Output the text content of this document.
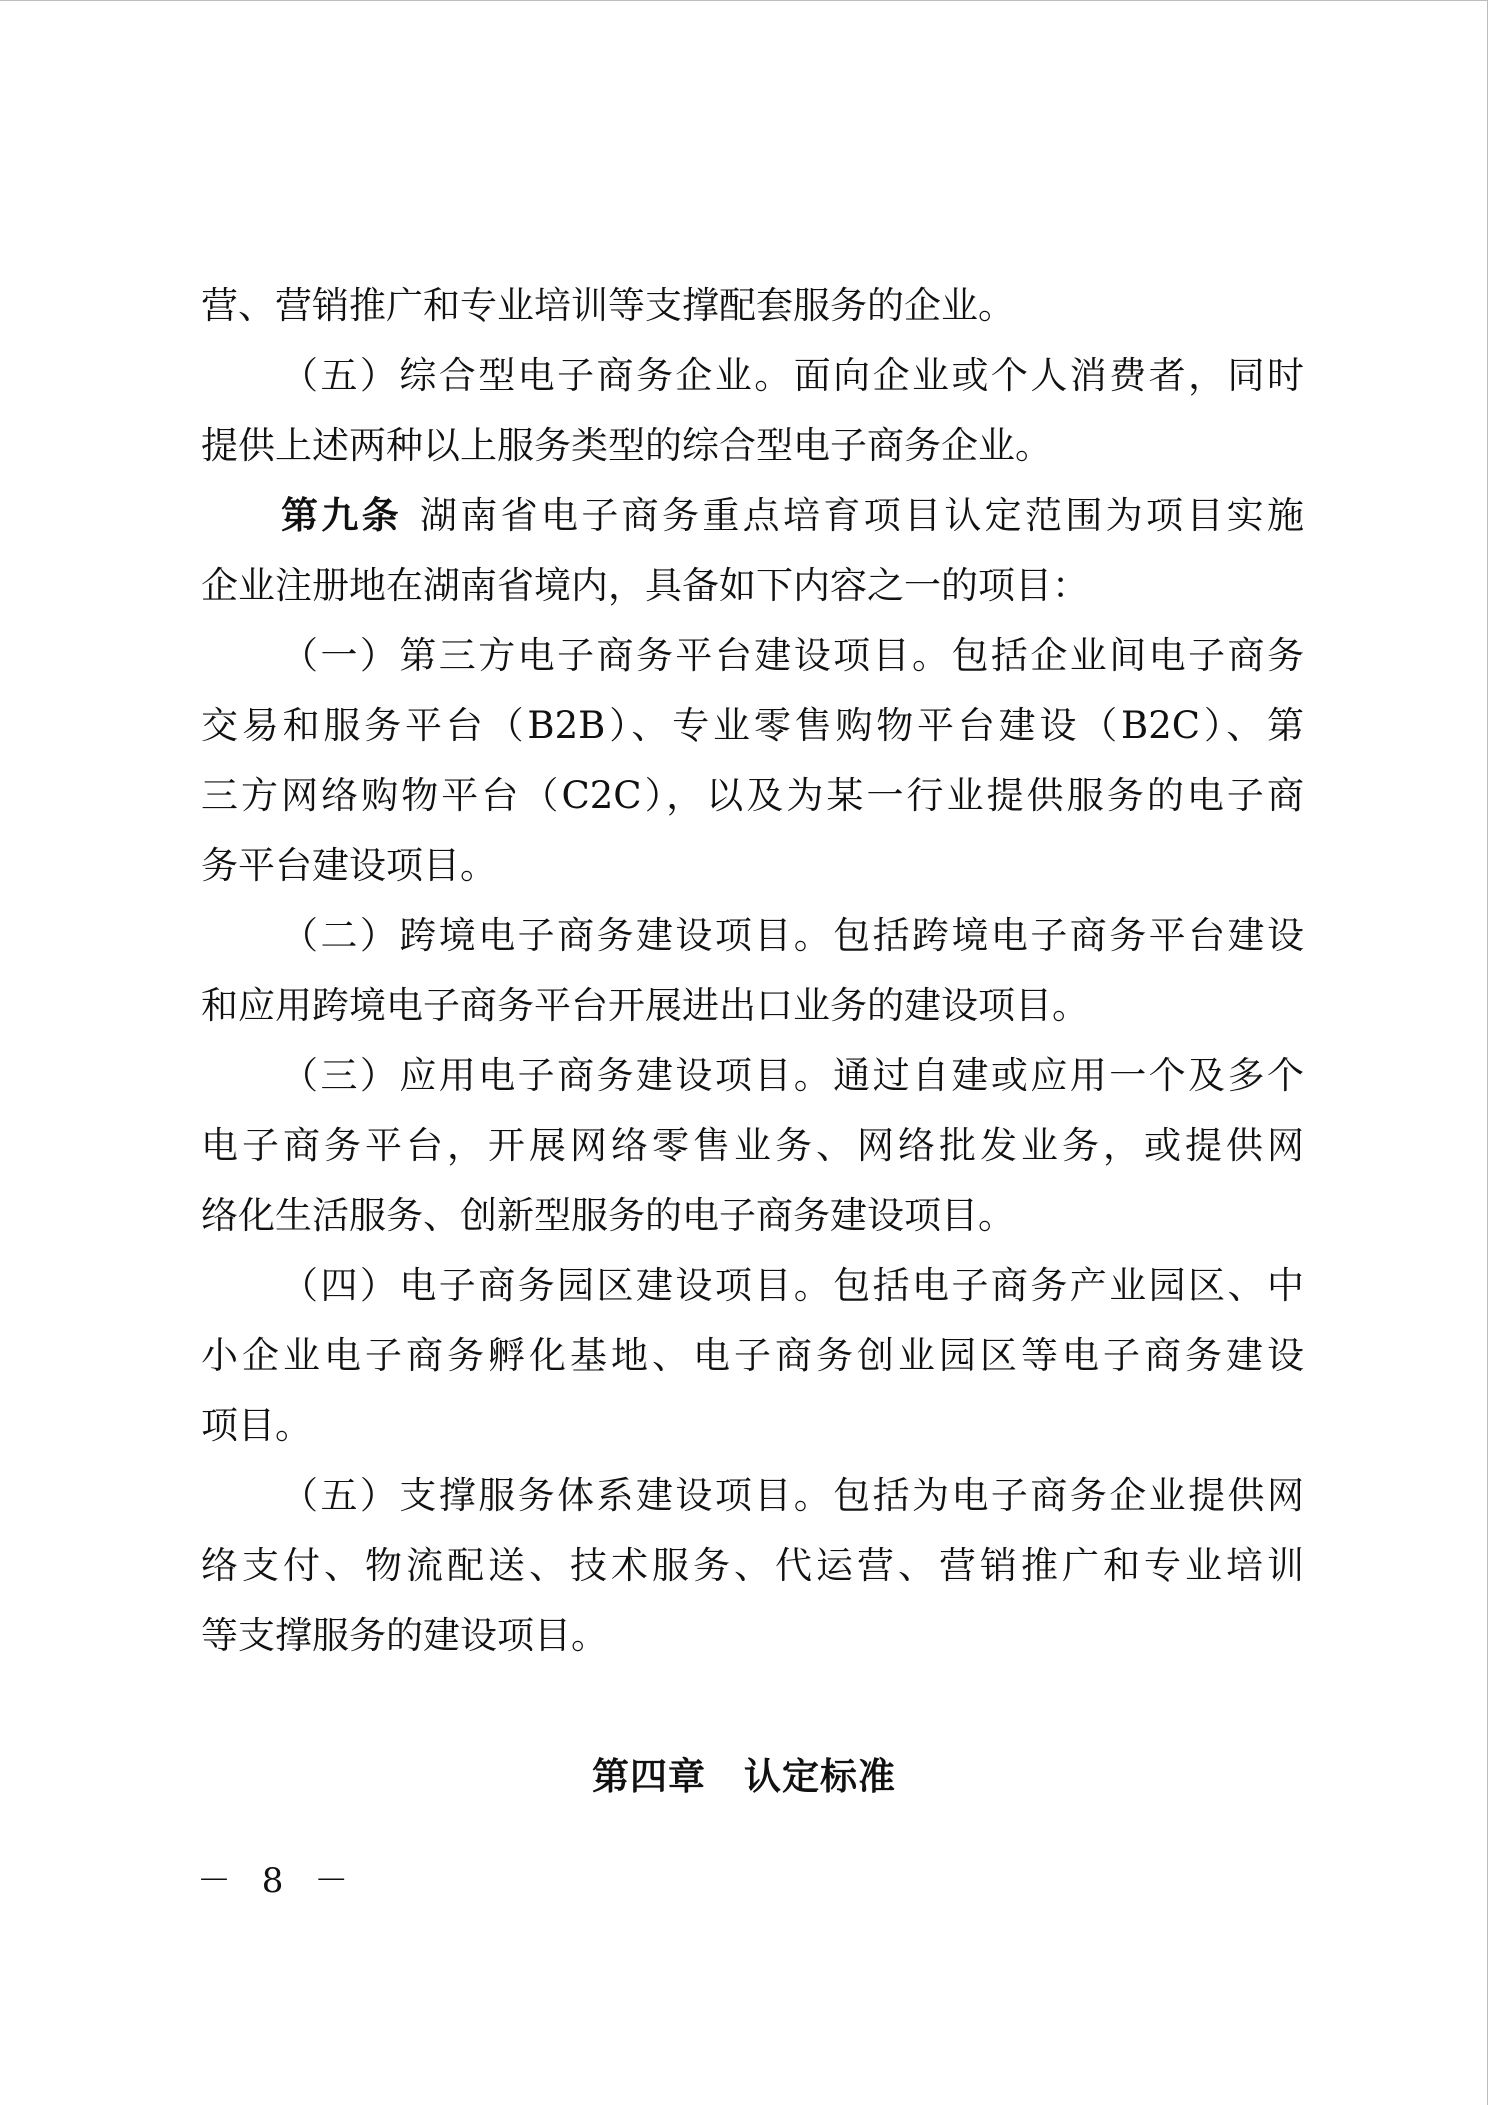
营、营销推广和专业培训等支撑配套服务的企业。
（五）综合型电子商务企业。面向企业或个人消费者，同时
提供上述两种以上服务类型的综合型电子商务企业。
第九条 湖南省电子商务重点培育项目认定范围为项目实施
企业注册地在湖南省境内，具备如下内容之一的项目：
（一）第三方电子商务平台建设项目。包括企业间电子商务
交易和服务平台（B2B）、专业零售购物平台建设（B2C）、第
三方网络购物平台（C2C），以及为某一行业提供服务的电子商
务平台建设项目。
（二）跨境电子商务建设项目。包括跨境电子商务平台建设
和应用跨境电子商务平台开展进出口业务的建设项目。
（三）应用电子商务建设项目。通过自建或应用一个及多个
电子商务平台，开展网络零售业务、网络批发业务，或提供网
络化生活服务、创新型服务的电子商务建设项目。
（四）电子商务园区建设项目。包括电子商务产业园区、中
小企业电子商务孵化基地、电子商务创业园区等电子商务建设
项目。
（五）支撑服务体系建设项目。包括为电子商务企业提供网
络支付、物流配送、技术服务、代运营、营销推广和专业培训
等支撑服务的建设项目。
第四章　认定标准
－ 8 －
